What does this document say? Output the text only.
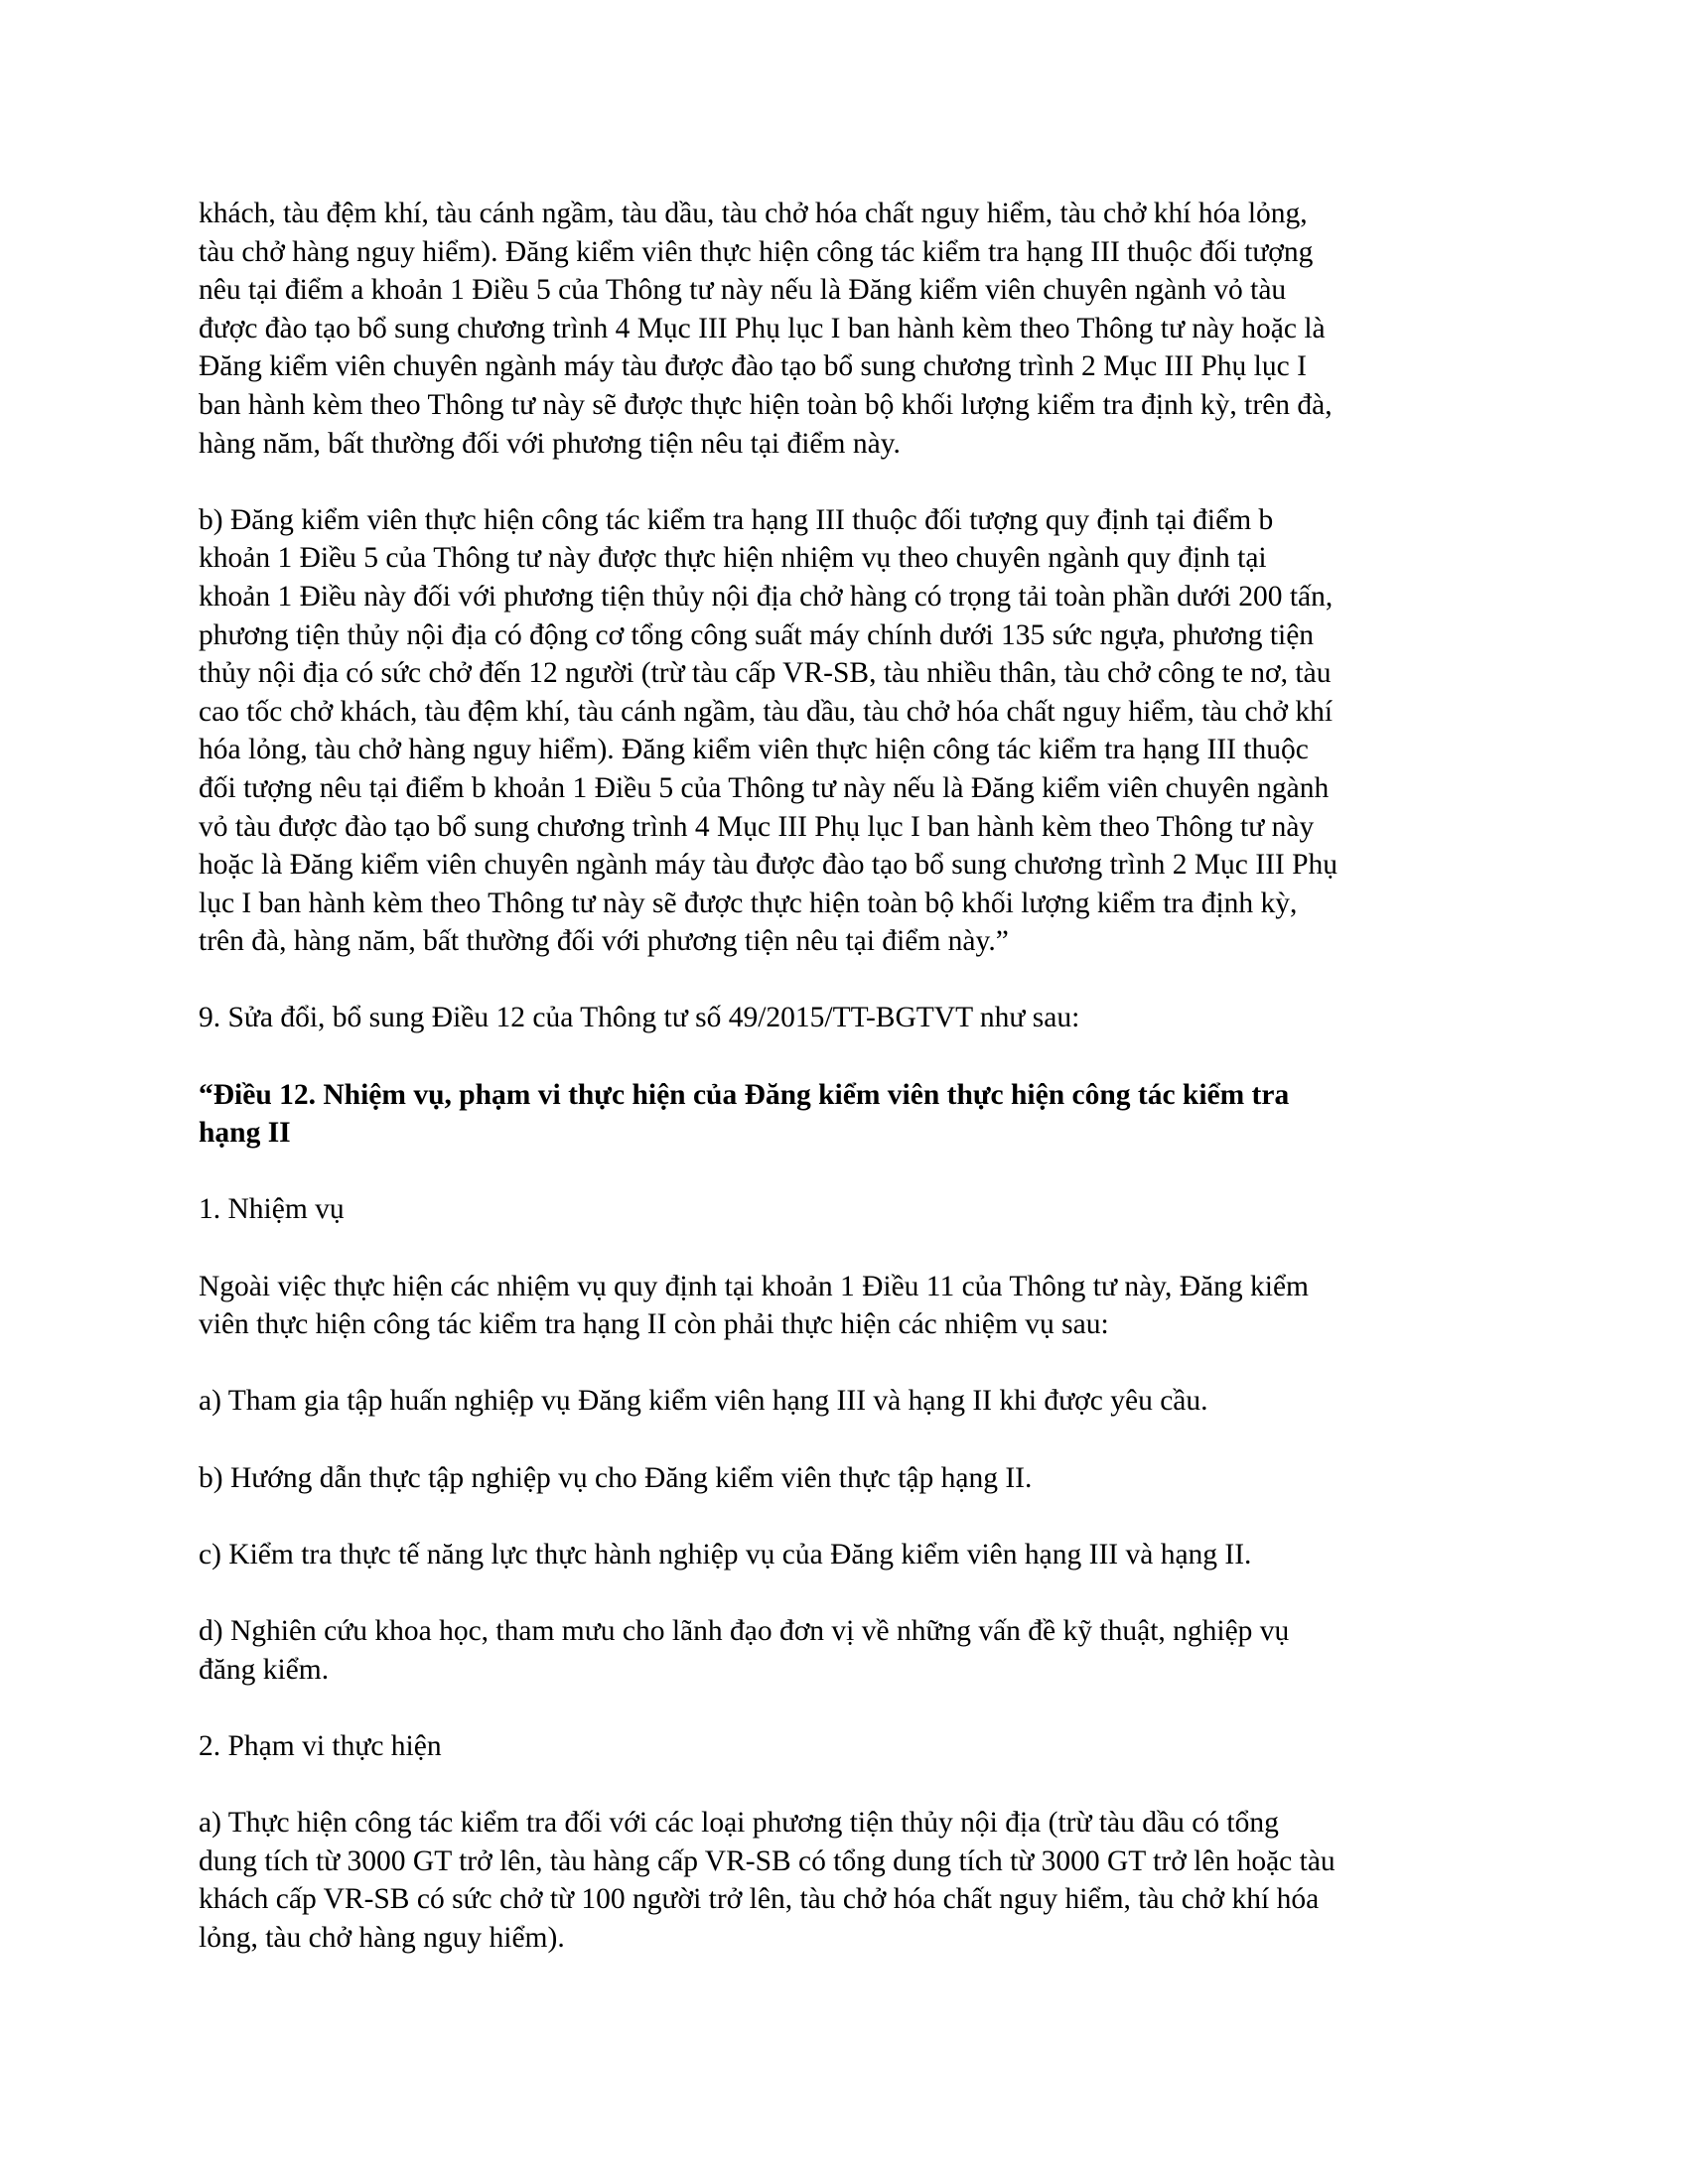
khách, tàu đệm khí, tàu cánh ngầm, tàu dầu, tàu chở hóa chất nguy hiểm, tàu chở khí hóa lỏng,
tàu chở hàng nguy hiểm). Đăng kiểm viên thực hiện công tác kiểm tra hạng III thuộc đối tượng
nêu tại điểm a khoản 1 Điều 5 của Thông tư này nếu là Đăng kiểm viên chuyên ngành vỏ tàu
được đào tạo bổ sung chương trình 4 Mục III Phụ lục I ban hành kèm theo Thông tư này hoặc là
Đăng kiểm viên chuyên ngành máy tàu được đào tạo bổ sung chương trình 2 Mục III Phụ lục I
ban hành kèm theo Thông tư này sẽ được thực hiện toàn bộ khối lượng kiểm tra định kỳ, trên đà,
hàng năm, bất thường đối với phương tiện nêu tại điểm này.

b) Đăng kiểm viên thực hiện công tác kiểm tra hạng III thuộc đối tượng quy định tại điểm b
khoản 1 Điều 5 của Thông tư này được thực hiện nhiệm vụ theo chuyên ngành quy định tại
khoản 1 Điều này đối với phương tiện thủy nội địa chở hàng có trọng tải toàn phần dưới 200 tấn,
phương tiện thủy nội địa có động cơ tổng công suất máy chính dưới 135 sức ngựa, phương tiện
thủy nội địa có sức chở đến 12 người (trừ tàu cấp VR-SB, tàu nhiều thân, tàu chở công te nơ, tàu
cao tốc chở khách, tàu đệm khí, tàu cánh ngầm, tàu dầu, tàu chở hóa chất nguy hiểm, tàu chở khí
hóa lỏng, tàu chở hàng nguy hiểm). Đăng kiểm viên thực hiện công tác kiểm tra hạng III thuộc
đối tượng nêu tại điểm b khoản 1 Điều 5 của Thông tư này nếu là Đăng kiểm viên chuyên ngành
vỏ tàu được đào tạo bổ sung chương trình 4 Mục III Phụ lục I ban hành kèm theo Thông tư này
hoặc là Đăng kiểm viên chuyên ngành máy tàu được đào tạo bổ sung chương trình 2 Mục III Phụ
lục I ban hành kèm theo Thông tư này sẽ được thực hiện toàn bộ khối lượng kiểm tra định kỳ,
trên đà, hàng năm, bất thường đối với phương tiện nêu tại điểm này.”

9. Sửa đổi, bổ sung Điều 12 của Thông tư số 49/2015/TT-BGTVT như sau:

“Điều 12. Nhiệm vụ, phạm vi thực hiện của Đăng kiểm viên thực hiện công tác kiểm tra
hạng II

1. Nhiệm vụ

Ngoài việc thực hiện các nhiệm vụ quy định tại khoản 1 Điều 11 của Thông tư này, Đăng kiểm
viên thực hiện công tác kiểm tra hạng II còn phải thực hiện các nhiệm vụ sau:

a) Tham gia tập huấn nghiệp vụ Đăng kiểm viên hạng III và hạng II khi được yêu cầu.

b) Hướng dẫn thực tập nghiệp vụ cho Đăng kiểm viên thực tập hạng II.

c) Kiểm tra thực tế năng lực thực hành nghiệp vụ của Đăng kiểm viên hạng III và hạng II.

d) Nghiên cứu khoa học, tham mưu cho lãnh đạo đơn vị về những vấn đề kỹ thuật, nghiệp vụ
đăng kiểm.

2. Phạm vi thực hiện

a) Thực hiện công tác kiểm tra đối với các loại phương tiện thủy nội địa (trừ tàu dầu có tổng
dung tích từ 3000 GT trở lên, tàu hàng cấp VR-SB có tổng dung tích từ 3000 GT trở lên hoặc tàu
khách cấp VR-SB có sức chở từ 100 người trở lên, tàu chở hóa chất nguy hiểm, tàu chở khí hóa
lỏng, tàu chở hàng nguy hiểm).
